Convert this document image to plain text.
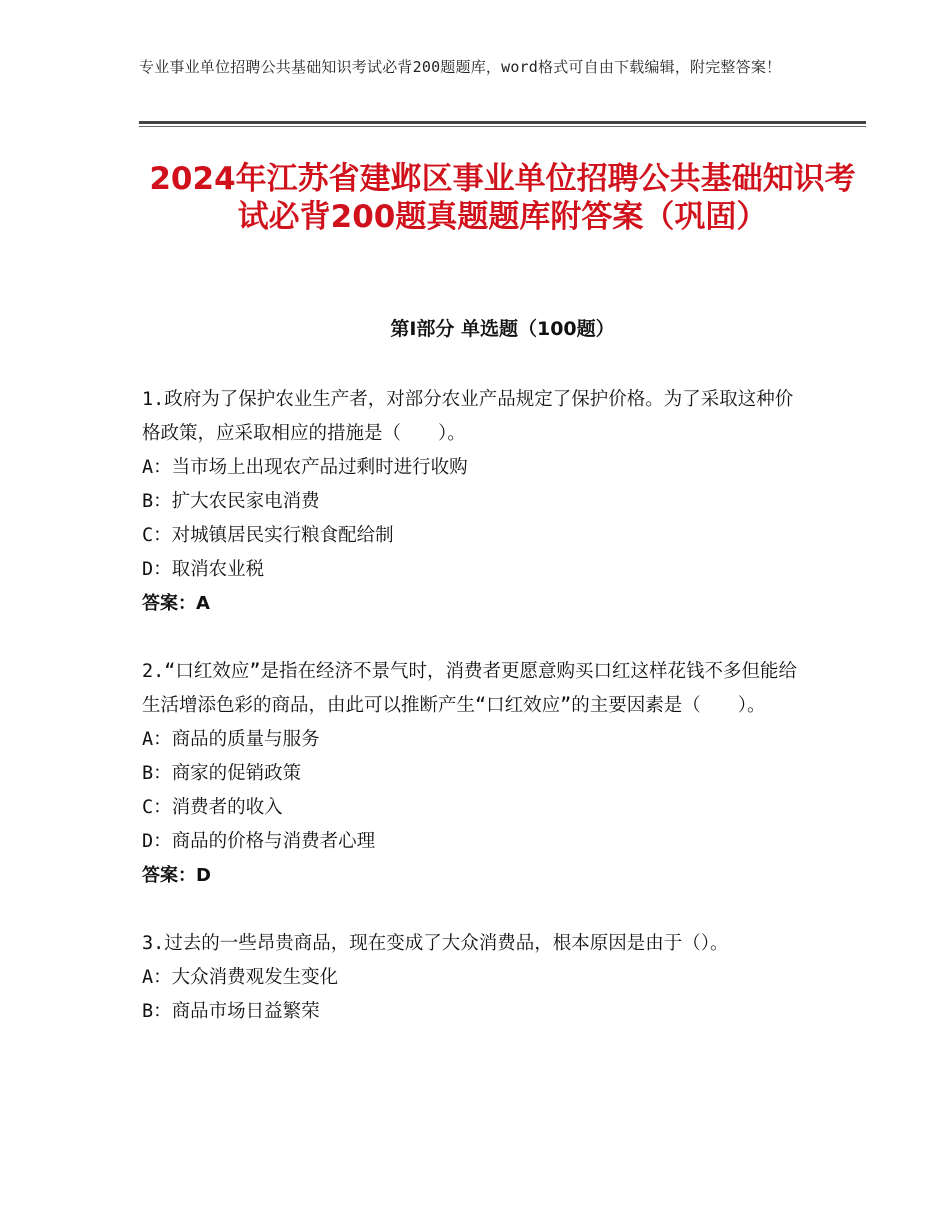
专业事业单位招聘公共基础知识考试必背200题题库，word格式可自由下载编辑，附完整答案！
2024年江苏省建邺区事业单位招聘公共基础知识考试必背200题真题题库附答案（巩固）
第I部分 单选题（100题）

1.政府为了保护农业生产者，对部分农业产品规定了保护价格。为了采取这种价格政策，应采取相应的措施是（　　）。

A：当市场上出现农产品过剩时进行收购

B：扩大农民家电消费

C：对城镇居民实行粮食配给制

D：取消农业税

答案：A

2.“口红效应”是指在经济不景气时，消费者更愿意购买口红这样花钱不多但能给生活增添色彩的商品，由此可以推断产生“口红效应”的主要因素是（　　）。

A：商品的质量与服务

B：商家的促销政策

C：消费者的收入

D：商品的价格与消费者心理

答案：D

3.过去的一些昂贵商品，现在变成了大众消费品，根本原因是由于（）。

A：大众消费观发生变化

B：商品市场日益繁荣
